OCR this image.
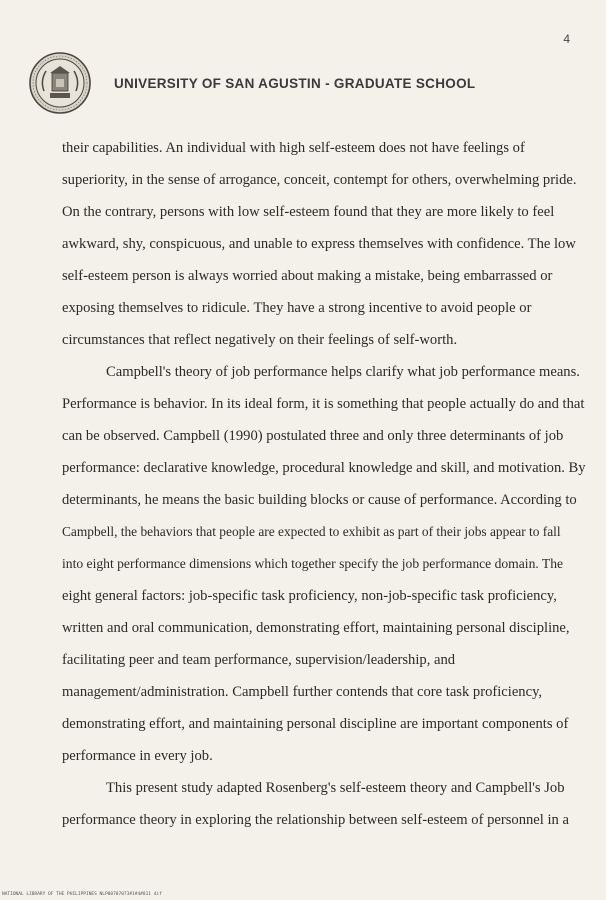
4
UNIVERSITY OF SAN AGUSTIN - GRADUATE SCHOOL

their capabilities. An individual with high self-esteem does not have feelings of
superiority, in the sense of arrogance, conceit, contempt for others, overwhelming pride.
On the contrary, persons with low self-esteem found that they are more likely to feel
awkward, shy, conspicuous, and unable to express themselves with confidence. The low
self-esteem person is always worried about making a mistake, being embarrassed or
exposing themselves to ridicule. They have a strong incentive to avoid people or
circumstances that reflect negatively on their feelings of self-worth.

Campbell's theory of job performance helps clarify what job performance means.
Performance is behavior. In its ideal form, it is something that people actually do and that
can be observed. Campbell (1990) postulated three and only three determinants of job
performance: declarative knowledge, procedural knowledge and skill, and motivation. By
determinants, he means the basic building blocks or cause of performance. According to
Campbell, the behaviors that people are expected to exhibit as part of their jobs appear to fall
into eight performance dimensions which together specify the job performance domain. The
eight general factors: job-specific task proficiency, non-job-specific task proficiency,
written and oral communication, demonstrating effort, maintaining personal discipline,
facilitating peer and team performance, supervision/leadership, and
management/administration. Campbell further contends that core task proficiency,
demonstrating effort, and maintaining personal discipline are important components of
performance in every job.

This present study adapted Rosenberg's self-esteem theory and Campbell's Job
performance theory in exploring the relationship between self-esteem of personnel in a

NATIONAL LIBRARY OF THE PHILIPPINES NLP00707073#1#4#811 4if
